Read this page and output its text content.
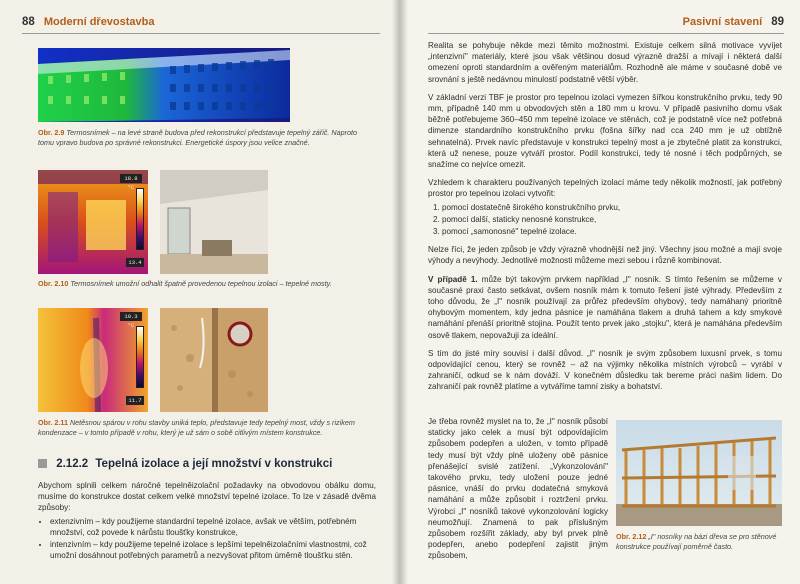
88 Moderní dřevostavba
Obr. 2.9 Termosnímek – na levé straně budova před rekonstrukcí představuje tepelný zářič. Naproto tomu vpravo budova po správné rekonstrukci. Energetické úspory jsou velice značné.
18.8 °C
13.4
Obr. 2.10 Termosnímek umožní odhalit špatně provedenou tepelnou izolaci – tepelné mosty.
19.3 °C
11.7
Obr. 2.11 Netěsnou spárou v rohu stavby uniká teplo, představuje tedy tepelný most, vždy s rizikem kondenzace – v tomto případě v rohu, který je už sám o sobě citlivým místem konstrukce.
2.12.2 Tepelná izolace a její množství v konstrukci

Abychom splnili celkem náročné tepelněizolační požadavky na obvodovou obálku domu, musíme do konstrukce dostat celkem velké množství tepelné izolace. To lze v zásadě dvěma způsoby:

• extenzivním – kdy použijeme standardní tepelné izolace, avšak ve větším, potřebném množství, což povede k nárůstu tloušťky konstrukce,
• intenzivním – kdy použijeme tepelné izolace s lepšími tepelněizolačními vlastnostmi, což umožní dosáhnout potřebných parametrů a nezvyšovat přitom úměrně tloušťku stěn.
Pasivní stavení 89

Realita se pohybuje někde mezi těmito možnostmi. Existuje celkem silná motivace vyvíjet „intenzivní" materiály, které jsou však většinou dosud výrazně dražší a mívají i některá další omezení oproti standardním a ověřeným materiálům. Rozhodně ale máme v současné době ve srovnání s ještě nedávnou minulostí podstatně větší výběr.

V základní verzi TBF je prostor pro tepelnou izolaci vymezen šířkou konstrukčního prvku, tedy 90 mm, případně 140 mm u obvodových stěn a 180 mm u krovu. V případě pasivního domu však běžně potřebujeme 360–450 mm tepelné izolace ve stěnách, což je podstatně více než potřebná dimenze standardního konstrukčního prvku (fošna šířky nad cca 240 mm je už obtížně sehnatelná). Prvek navíc představuje v konstrukci tepelný most a je zbytečné platit za konstrukci, která už nenese, pouze vytváří prostor. Podíl konstrukci, tedy té nosné i těch podpůrných, se snažíme co nejvíce omezit.

Vzhledem k charakteru používaných tepelných izolací máme tedy několik možností, jak potřebný prostor pro tepelnou izolaci vytvořit:

1. pomocí dostatečně širokého konstrukčního prvku,
2. pomocí další, staticky nenosné konstrukce,
3. pomocí „samonosné" tepelné izolace.

Nelze říci, že jeden způsob je vždy výrazně vhodnější než jiný. Všechny jsou možné a mají svoje výhody a nevýhody. Jednotlivé možnosti můžeme mezi sebou i různě kombinovat.

V případě 1. může být takovým prvkem například „I" nosník. S tímto řešením se můžeme v současné praxi často setkávat, ovšem nosník mám k tomuto řešení jisté výhrady. Především z toho důvodu, že „I" nosník používají za průřez především ohybový, tedy namáhaný prioritně ohybovým momentem, kdy jedna pásnice je namáhána tlakem a druhá tahem a kdy smykové namáhání přenáší prioritně stojina. Použít tento prvek jako „stojku", která je namáhána především osově tlakem, nepovažuji za ideální.

S tím do jisté míry souvisí i další důvod. „I" nosník je svým způsobem luxusní prvek, s tomu odpovídající cenou, který se rovněž – až na výjimky několika místních výrobců – vyrábí v zahraničí, odkud se k nám dováží. V konečném důsledku tak bereme práci našim lidem. Do zahraničí pak rovněž platíme a vytváříme tamní zisky a bohatství.

Je třeba rovněž myslet na to, že „I" nosník působí staticky jako celek a musí být odpovídajícím způsobem podepřen a uložen, v tomto případě tedy musí být vždy plně uloženy obě pásnice přenášející svislé zatížení. „Vykonzolování" takového prvku, tedy uložení pouze jedné pásnice, vnáší do prvku dodatečná smyková namáhání a může způsobit i roztržení prvku. Výrobci „I" nosníků takové vykonzolování logicky neumožňují. Znamená to pak příslušným způsobem rozšířit základy, aby byl prvek plně podepřen, anebo podepření zajistit jiným způsobem,

Obr. 2.12 „I" nosníky na bázi dřeva se pro stěnové konstrukce používají poměrně často.
